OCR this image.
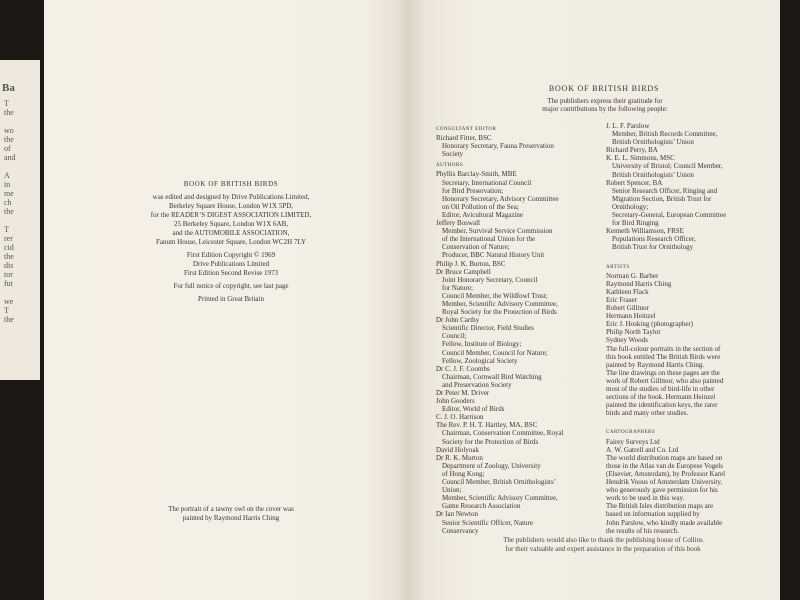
Ba
T
the

wo
the
of
and

A
in
me
ch
the

T
rer
cid
the
dis
tor
fut

we
T
the
BOOK OF BRITISH BIRDS
was edited and designed by Drive Publications Limited,
Berkeley Square House, London W1X 5PD,
for the READER’S DIGEST ASSOCIATION LIMITED,
25 Berkeley Square, London W1X 6AB,
and the AUTOMOBILE ASSOCIATION,
Fanum House, Leicester Square, London WC2H 7LY
First Edition Copyright © 1969
Drive Publications Limited
First Edition Second Revise 1973
For full notice of copyright, see last page
Printed in Great Britain
The portrait of a tawny owl on the cover was
painted by Raymond Harris Ching
BOOK OF BRITISH BIRDS
The publishers express their gratitude for
major contributions by the following people:
CONSULTANT EDITOR
Richard Fitter, BSC
Honorary Secretary, Fauna Preservation
Society
AUTHORS
Phyllis Barclay-Smith, MBE
Secretary, International Council
for Bird Preservation;
Honorary Secretary, Advisory Committee
on Oil Pollution of the Sea;
Editor, Avicultural Magazine
Jeffery Boswall
Member, Survival Service Commission
of the International Union for the
Conservation of Nature;
Producer, BBC Natural History Unit
Philip J. K. Burton, BSC
Dr Bruce Campbell
Joint Honorary Secretary, Council
for Nature;
Council Member, the Wildfowl Trust;
Member, Scientific Advisory Committee,
Royal Society for the Protection of Birds
Dr John Carthy
Scientific Director, Field Studies
Council;
Fellow, Institute of Biology;
Council Member, Council for Nature;
Fellow, Zoological Society
Dr C. J. F. Coombs
Chairman, Cornwall Bird Watching
and Preservation Society
Dr Peter M. Driver
John Gooders
Editor, World of Birds
C. J. O. Harrison
The Rev. P. H. T. Hartley, MA, BSC
Chairman, Conservation Committee, Royal
Society for the Protection of Birds
David Holyoak
Dr R. K. Murton
Department of Zoology, University
of Hong Kong;
Council Member, British Ornithologists’
Union;
Member, Scientific Advisory Committee,
Game Research Association
Dr Ian Newton
Senior Scientific Officer, Nature
Conservancy
J. L. F. Parslow
Member, British Records Committee,
British Ornithologists’ Union
Richard Perry, BA
K. E. L. Simmons, MSC
University of Bristol; Council Member,
British Ornithologists’ Union
Robert Spencer, BA
Senior Research Officer, Ringing and
Migration Section, British Trust for
Ornithology;
Secretary-General, European Committee
for Bird Ringing
Kenneth Williamson, FRSE
Populations Research Officer,
British Trust for Ornithology

ARTISTS
Norman G. Barber
Raymond Harris Ching
Kathleen Flack
Eric Fraser
Robert Gillmor
Hermann Heinzel
Eric J. Hosking (photographer)
Philip North Taylor
Sydney Woods
The full-colour portraits in the section of
this book entitled The British Birds were
painted by Raymond Harris Ching.
The line drawings on these pages are the
work of Robert Gillmor, who also painted
most of the studies of bird-life in other
sections of the book. Hermann Heinzel
painted the identification keys, the rarer
birds and many other studies.

CARTOGRAPHERS
Fairey Surveys Ltd
A. W. Gatrell and Co. Ltd
The world distribution maps are based on
those in the Atlas van de Europese Vogels
(Elsevier, Amsterdam), by Professor Karel
Hendrik Voous of Amsterdam University,
who generously gave permission for his
work to be used in this way.
The British Isles distribution maps are
based on information supplied by
John Parslow, who kindly made available
the results of his research.
The publishers would also like to thank the publishing house of Collins
for their valuable and expert assistance in the preparation of this book
